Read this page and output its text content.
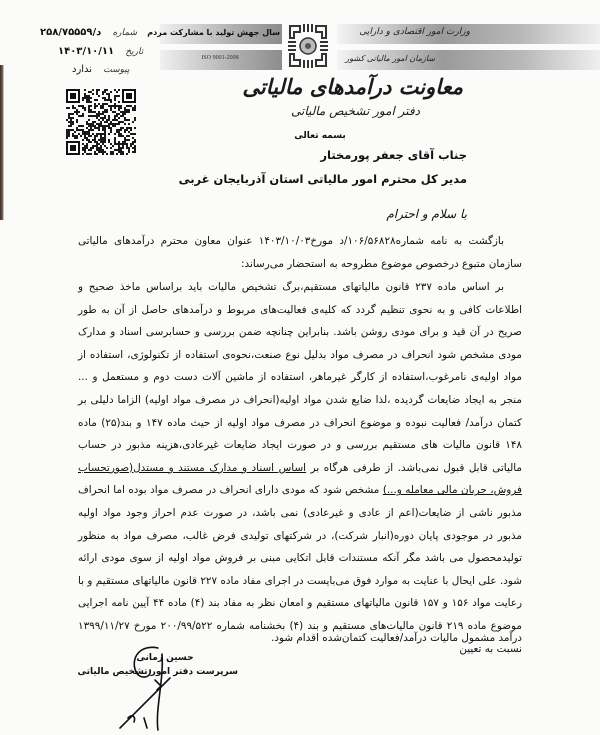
وزارت امور اقتصادی و دارایی
سازمان امور مالیاتی کشور
سال جهش تولید با مشارکت مردم
ISO 9001-2008
معاونت درآمدهای مالیاتی
دفتر امور تشخیص مالیاتی
شماره د/۲۵۸/۷۵۵۵۹
تاریخ ۱۴۰۳/۱۰/۱۱
پیوست ندارد
بسمه تعالی
جناب آقای جعفر پورمختار
مدیر کل محترم امور مالیاتی استان آذربایجان غربی
با سلام و احترام
بازگشت به نامه شماره۱۰۶/۵۶۸۲۸/د مورخ۱۴۰۳/۱۰/۰۳ عنوان معاون محترم درآمدهای مالیاتی سازمان متبوع درخصوص موضوع مطروحه به استحضار می‌رساند:
بر اساس ماده ۲۳۷ قانون مالیاتهای مستقیم،برگ تشخیص مالیات باید براساس ماخذ صحیح و اطلاعات کافی و به نحوی تنظیم گردد که کلیه‌ی فعالیت‌های مربوط و درآمدهای حاصل از آن به طور صریح در آن قید و برای مودی روشن باشد. بنابراین چنانچه ضمن بررسی و حسابرسی اسناد و مدارک مودی مشخص شود انحراف در مصرف مواد بدلیل نوع صنعت،نحوه‌ی استفاده از تکنولوژی، استفاده از مواد اولیه‌ی نامرغوب،استفاده از کارگر غیرماهر، استفاده از ماشین آلات دست دوم و مستعمل و ... منجر به ایجاد ضایعات گردیده ،لذا ضایع شدن مواد اولیه(انحراف در مصرف مواد اولیه) الزاما دلیلی بر کتمان درآمد/ فعالیت نبوده و موضوع انحراف در مصرف مواد اولیه از حیث ماده ۱۴۷ و بند(۲۵) ماده ۱۴۸ قانون مالیات های مستقیم بررسی و در صورت ایجاد ضایعات غیرعادی،هزینه مذبور در حساب مالیاتی قابل قبول نمی‌باشد. از طرفی هرگاه بر اساس اسناد و مدارک مستند و مستدل(صورتحساب فروش، جریان مالی معامله و...) مشخص شود که مودی دارای انحراف در مصرف مواد بوده اما انحراف مذبور ناشی از ضایعات(اعم از عادی و غیرعادی) نمی باشد، در صورت عدم احراز وجود مواد اولیه مذبور در موجودی پایان دوره(انبار شرکت)، در شرکتهای تولیدی فرض غالب، مصرف مواد به منظور تولیدمحصول می باشد مگر آنکه مستندات قابل اتکایی مبنی بر فروش مواد اولیه از سوی مودی ارائه شود. علی ایحال با عنایت به موارد فوق می‌بایست در اجرای مفاد ماده ۲۲۷ قانون مالیاتهای مستقیم و با رعایت مواد ۱۵۶ و ۱۵۷ قانون مالیاتهای مستقیم و امعان نظر به مفاد بند (۴) ماده ۴۴ آیین نامه اجرایی موضوع ماده ۲۱۹ قانون مالیات‌های مستقیم و بند (۴) بخشنامه شماره ۲۰۰/۹۹/۵۲۲ مورخ ۱۳۹۹/۱۱/۲۷ نسبت به تعیین
درآمد مشمول مالیات درآمد/فعالیت کتمان‌شده اقدام شود.
حسین زمانی
سرپرست دفتر امور تشخیص مالیاتی
